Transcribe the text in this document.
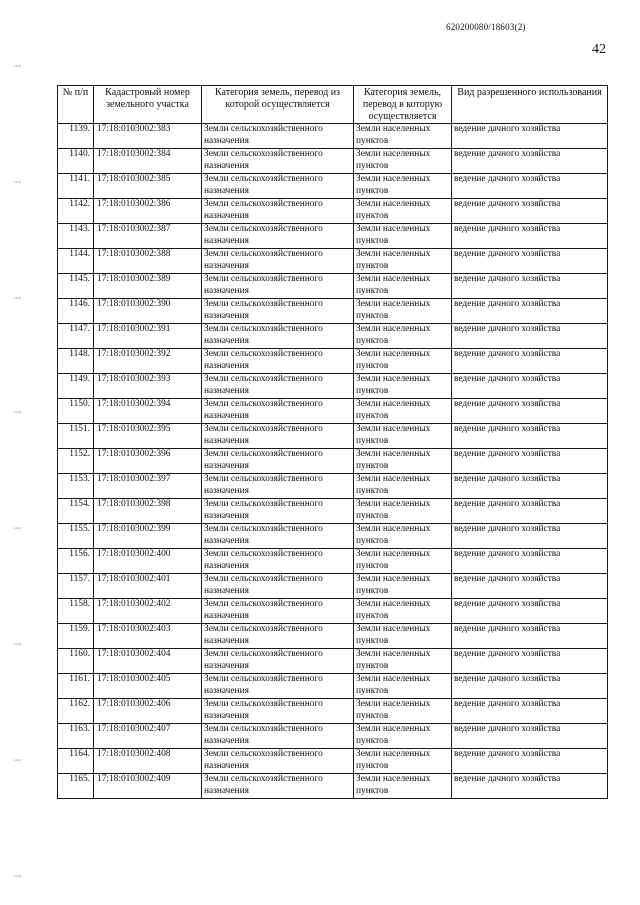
620200080/18603(2)
42
,,,,,
,,,,,
,,,,,
,,,,,
,,,,,
,,,,,
,,,,,
,,,,,
№ п/п	Кадастровый номер земельного участка	Категория земель, перевод из которой осуществляется	Категория земель, перевод в которую осуществляется	Вид разрешенного использования
1139.	17:18:0103002:383	Земли сельскохозяйственного назначения	Земли населенных пунктов	ведение дачного хозяйства
1140.	17:18:0103002:384	Земли сельскохозяйственного назначения	Земли населенных пунктов	ведение дачного хозяйства
1141.	17:18:0103002:385	Земли сельскохозяйственного назначения	Земли населенных пунктов	ведение дачного хозяйства
1142.	17:18:0103002:386	Земли сельскохозяйственного назначения	Земли населенных пунктов	ведение дачного хозяйства
1143.	17:18:0103002:387	Земли сельскохозяйственного назначения	Земли населенных пунктов	ведение дачного хозяйства
1144.	17:18:0103002:388	Земли сельскохозяйственного назначения	Земли населенных пунктов	ведение дачного хозяйства
1145.	17:18:0103002:389	Земли сельскохозяйственного назначения	Земли населенных пунктов	ведение дачного хозяйства
1146.	17:18:0103002:390	Земли сельскохозяйственного назначения	Земли населенных пунктов	ведение дачного хозяйства
1147.	17:18:0103002:391	Земли сельскохозяйственного назначения	Земли населенных пунктов	ведение дачного хозяйства
1148.	17:18:0103002:392	Земли сельскохозяйственного назначения	Земли населенных пунктов	ведение дачного хозяйства
1149.	17:18:0103002:393	Земли сельскохозяйственного назначения	Земли населенных пунктов	ведение дачного хозяйства
1150.	17:18:0103002:394	Земли сельскохозяйственного назначения	Земли населенных пунктов	ведение дачного хозяйства
1151.	17:18:0103002:395	Земли сельскохозяйственного назначения	Земли населенных пунктов	ведение дачного хозяйства
1152.	17:18:0103002:396	Земли сельскохозяйственного назначения	Земли населенных пунктов	ведение дачного хозяйства
1153.	17:18:0103002:397	Земли сельскохозяйственного назначения	Земли населенных пунктов	ведение дачного хозяйства
1154.	17:18:0103002:398	Земли сельскохозяйственного назначения	Земли населенных пунктов	ведение дачного хозяйства
1155.	17:18:0103002:399	Земли сельскохозяйственного назначения	Земли населенных пунктов	ведение дачного хозяйства
1156.	17:18:0103002:400	Земли сельскохозяйственного назначения	Земли населенных пунктов	ведение дачного хозяйства
1157.	17:18:0103002:401	Земли сельскохозяйственного назначения	Земли населенных пунктов	ведение дачного хозяйства
1158.	17:18:0103002:402	Земли сельскохозяйственного назначения	Земли населенных пунктов	ведение дачного хозяйства
1159.	17:18:0103002:403	Земли сельскохозяйственного назначения	Земли населенных пунктов	ведение дачного хозяйства
1160.	17:18:0103002:404	Земли сельскохозяйственного назначения	Земли населенных пунктов	ведение дачного хозяйства
1161.	17:18:0103002:405	Земли сельскохозяйственного назначения	Земли населенных пунктов	ведение дачного хозяйства
1162.	17:18:0103002:406	Земли сельскохозяйственного назначения	Земли населенных пунктов	ведение дачного хозяйства
1163.	17:18:0103002:407	Земли сельскохозяйственного назначения	Земли населенных пунктов	ведение дачного хозяйства
1164.	17:18:0103002:408	Земли сельскохозяйственного назначения	Земли населенных пунктов	ведение дачного хозяйства
1165.	17:18:0103002:409	Земли сельскохозяйственного назначения	Земли населенных пунктов	ведение дачного хозяйства
